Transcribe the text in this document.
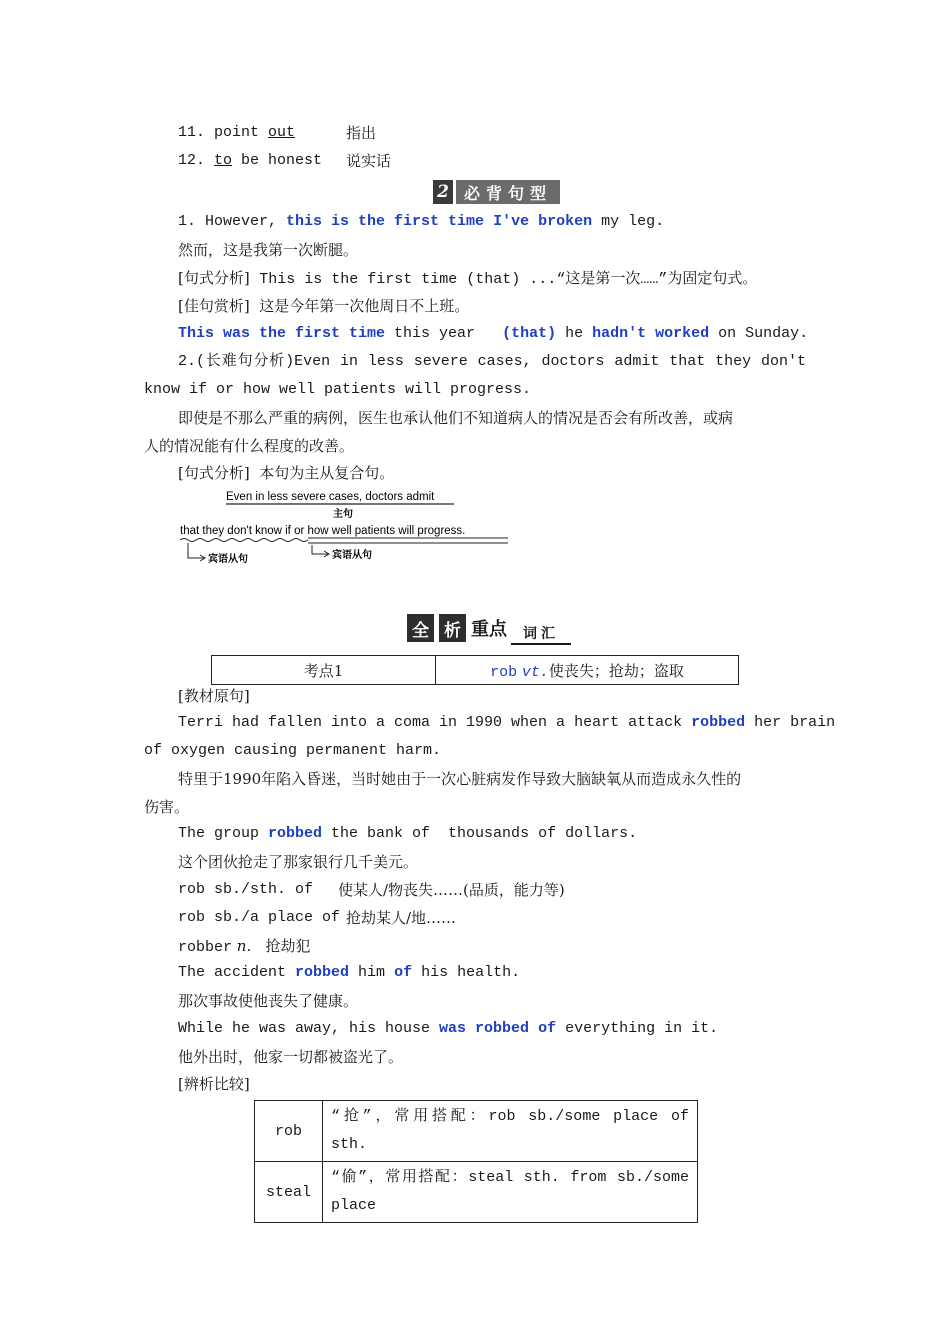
11. point out	指出
12. to be honest 说实话
2 必背句型
1. However, this is the first time I've broken my leg.
然而，这是我第一次断腿。
[句式分析] This is the first time (that) ...“这是第一次……”为固定句式。
[佳句赏析] 这是今年第一次他周日不上班。
This was the first time this year   (that) he hadn't worked on Sunday.
2.(长难句分析)Even in less severe cases, doctors admit that they don't
know if or how well patients will progress.
即使是不那么严重的病例，医生也承认他们不知道病人的情况是否会有所改善，或病
人的情况能有什么程度的改善。
[句式分析] 本句为主从复合句。
Even in less severe cases, doctors admit
主句
that they don't know if or how well patients will progress.
宾语从句	宾语从句
全 析 重点	词汇
考点1	rob vt.使丧失；抢劫；盗取
[教材原句]
Terri had fallen into a coma in 1990 when a heart attack robbed her brain
of oxygen causing permanent harm.
特里于1990年陷入昏迷，当时她由于一次心脏病发作导致大脑缺氧从而造成永久性的
伤害。
The group robbed the bank of  thousands of dollars.
这个团伙抢走了那家银行几千美元。
rob sb./sth. of 使某人/物丧失……(品质，能力等)
rob sb./a place of 抢劫某人/地……
robber n. 抢劫犯
The accident robbed him of his health.
那次事故使他丧失了健康。
While he was away, his house was robbed of everything in it.
他外出时，他家一切都被盗光了。
[辨析比较]
rob	“抢”，常用搭配：rob sb./some place of
sth.

steal	“偷”，常用搭配：steal sth. from sb./some
place
